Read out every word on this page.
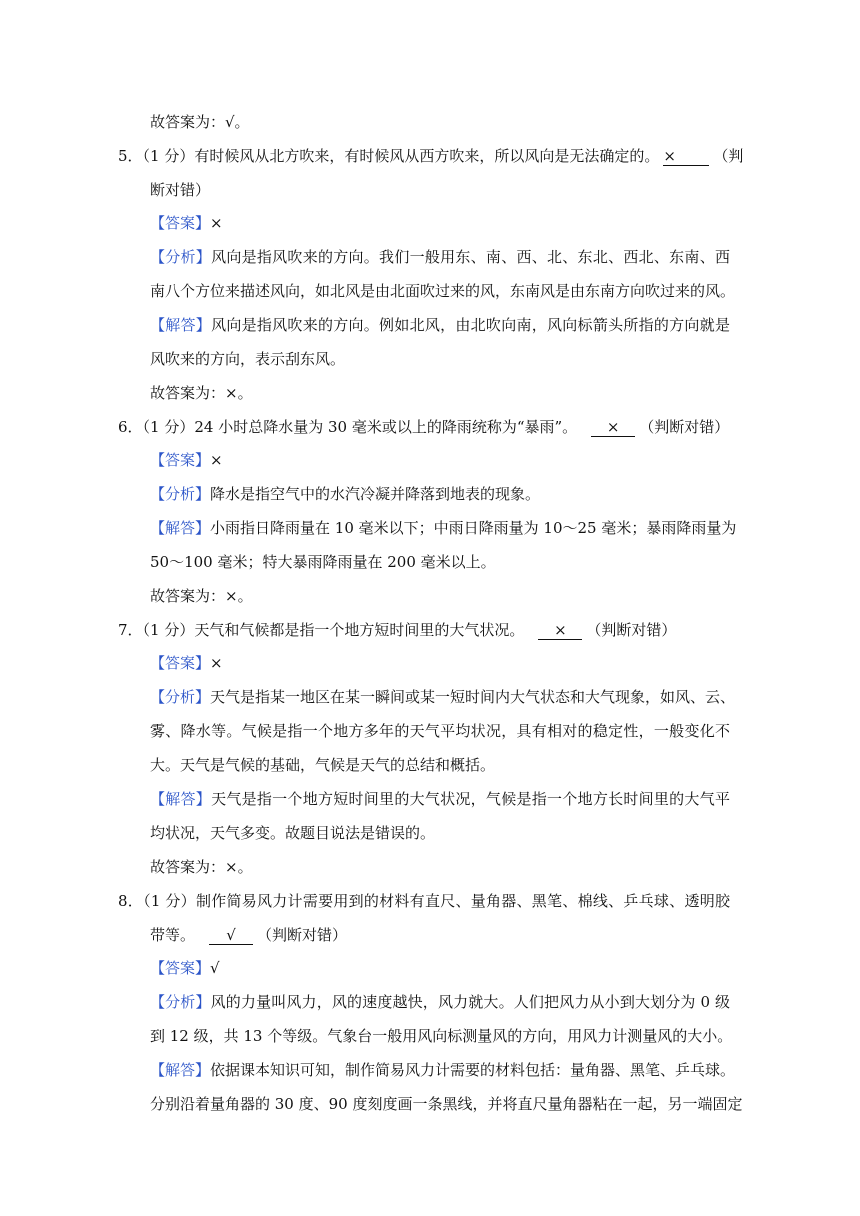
故答案为：√。
5．（1 分）有时候风从北方吹来，有时候风从西方吹来，所以风向是无法确定的。 × （判
断对错）
【答案】×
【分析】风向是指风吹来的方向。我们一般用东、南、西、北、东北、西北、东南、西
南八个方位来描述风向，如北风是由北面吹过来的风，东南风是由东南方向吹过来的风。
【解答】风向是指风吹来的方向。例如北风，由北吹向南，风向标箭头所指的方向就是
风吹来的方向，表示刮东风。
故答案为：×。
6．（1 分）24 小时总降水量为 30 毫米或以上的降雨统称为“暴雨”。 × （判断对错）
【答案】×
【分析】降水是指空气中的水汽冷凝并降落到地表的现象。
【解答】小雨指日降雨量在 10 毫米以下；中雨日降雨量为 10～25 毫米；暴雨降雨量为
50～100 毫米；特大暴雨降雨量在 200 毫米以上。
故答案为：×。
7．（1 分）天气和气候都是指一个地方短时间里的大气状况。 × （判断对错）
【答案】×
【分析】天气是指某一地区在某一瞬间或某一短时间内大气状态和大气现象，如风、云、
雾、降水等。气候是指一个地方多年的天气平均状况，具有相对的稳定性，一般变化不
大。天气是气候的基础，气候是天气的总结和概括。
【解答】天气是指一个地方短时间里的大气状况，气候是指一个地方长时间里的大气平
均状况，天气多变。故题目说法是错误的。
故答案为：×。
8．（1 分）制作简易风力计需要用到的材料有直尺、量角器、黑笔、棉线、乒乓球、透明胶
带等。 √ （判断对错）
【答案】√
【分析】风的力量叫风力，风的速度越快，风力就大。人们把风力从小到大划分为 0 级
到 12 级，共 13 个等级。气象台一般用风向标测量风的方向，用风力计测量风的大小。
【解答】依据课本知识可知，制作简易风力计需要的材料包括：量角器、黑笔、乒乓球。
分别沿着量角器的 30 度、90 度刻度画一条黑线，并将直尺量角器粘在一起，另一端固定
